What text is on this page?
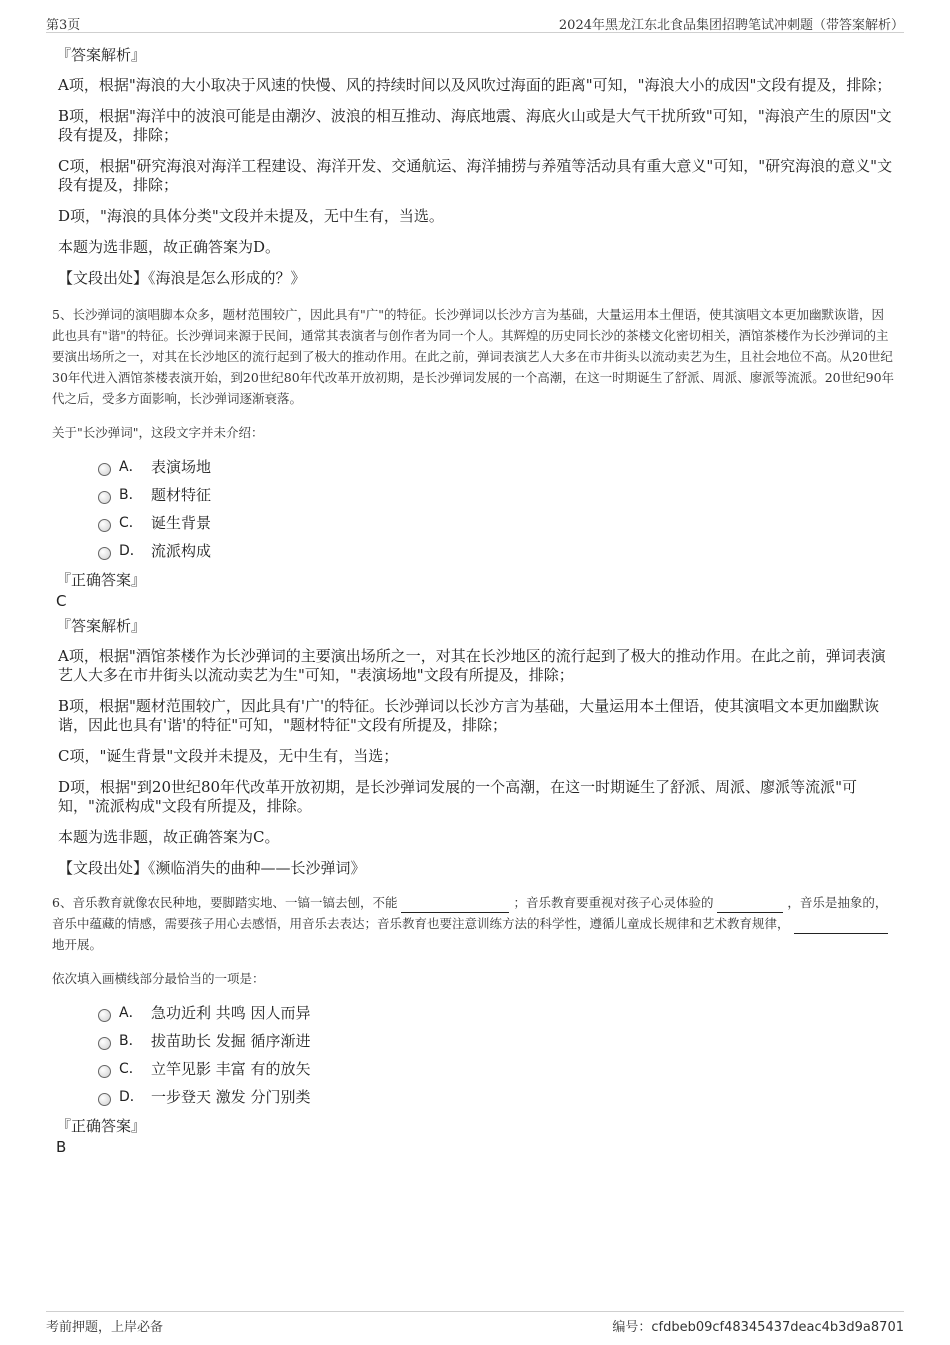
第3页	2024年黑龙江东北食品集团招聘笔试冲刺题（带答案解析）

『答案解析』

A项，根据"海浪的大小取决于风速的快慢、风的持续时间以及风吹过海面的距离"可知，"海浪大小的成因"文段有提及，排除；

B项，根据"海洋中的波浪可能是由潮汐、波浪的相互推动、海底地震、海底火山或是大气干扰所致"可知，"海浪产生的原因"文段有提及，排除；

C项，根据"研究海浪对海洋工程建设、海洋开发、交通航运、海洋捕捞与养殖等活动具有重大意义"可知，"研究海浪的意义"文段有提及，排除；

D项，"海浪的具体分类"文段并未提及，无中生有，当选。

本题为选非题，故正确答案为D。

【文段出处】《海浪是怎么形成的？》

5、长沙弹词的演唱脚本众多，题材范围较广，因此具有"广"的特征。长沙弹词以长沙方言为基础，大量运用本土俚语，使其演唱文本更加幽默诙谐，因此也具有"谐"的特征。长沙弹词来源于民间，通常其表演者与创作者为同一个人。其辉煌的历史同长沙的茶楼文化密切相关，酒馆茶楼作为长沙弹词的主要演出场所之一，对其在长沙地区的流行起到了极大的推动作用。在此之前，弹词表演艺人大多在市井街头以流动卖艺为生，且社会地位不高。从20世纪30年代进入酒馆茶楼表演开始，到20世纪80年代改革开放初期，是长沙弹词发展的一个高潮，在这一时期诞生了舒派、周派、廖派等流派。20世纪90年代之后，受多方面影响，长沙弹词逐渐衰落。

关于"长沙弹词"，这段文字并未介绍：

A． 表演场地
B． 题材特征
C． 诞生背景
D． 流派构成

『正确答案』

C

『答案解析』

A项，根据"酒馆茶楼作为长沙弹词的主要演出场所之一，对其在长沙地区的流行起到了极大的推动作用。在此之前，弹词表演艺人大多在市井街头以流动卖艺为生"可知，"表演场地"文段有所提及，排除；

B项，根据"题材范围较广，因此具有'广'的特征。长沙弹词以长沙方言为基础，大量运用本土俚语，使其演唱文本更加幽默诙谐，因此也具有'谐'的特征"可知，"题材特征"文段有所提及，排除；

C项，"诞生背景"文段并未提及，无中生有，当选；

D项，根据"到20世纪80年代改革开放初期，是长沙弹词发展的一个高潮，在这一时期诞生了舒派、周派、廖派等流派"可知，"流派构成"文段有所提及，排除。

本题为选非题，故正确答案为C。

【文段出处】《濒临消失的曲种——长沙弹词》

6、音乐教育就像农民种地，要脚踏实地、一镐一镐去刨，不能	；音乐教育要重视对孩子心灵体验的	，音乐是抽象的，音乐中蕴藏的情感，需要孩子用心去感悟，用音乐去表达；音乐教育也要注意训练方法的科学性，遵循儿童成长规律和艺术教育规律，  地开展。

依次填入画横线部分最恰当的一项是：

A． 急功近利 共鸣 因人而异
B． 拔苗助长 发掘 循序渐进
C． 立竿见影 丰富 有的放矢
D． 一步登天 激发 分门别类

『正确答案』

B

考前押题，上岸必备	编号：cfdbeb09cf48345437deac4b3d9a8701
